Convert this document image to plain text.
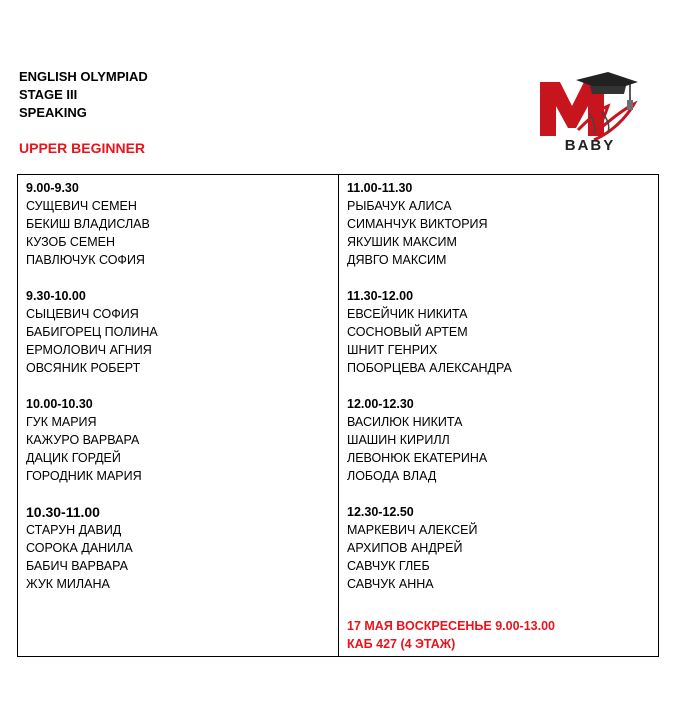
ENGLISH OLYMPIAD
STAGE III
SPEAKING
UPPER BEGINNER	BABY
9.00-9.30
СУЩЕВИЧ СЕМЕН
БЕКИШ ВЛАДИСЛАВ
КУЗОБ СЕМЕН
ПАВЛЮЧУК СОФИЯ
9.30-10.00
СЫЦЕВИЧ СОФИЯ
БАБИГОРЕЦ ПОЛИНА
ЕРМОЛОВИЧ АГНИЯ
ОВСЯНИК РОБЕРТ
10.00-10.30
ГУК МАРИЯ
КАЖУРО ВАРВАРА
ДАЦИК ГОРДЕЙ
ГОРОДНИК МАРИЯ
10.30-11.00
СТАРУН ДАВИД
СОРОКА ДАНИЛА
БАБИЧ ВАРВАРА
ЖУК МИЛАНА
11.00-11.30
РЫБАЧУК АЛИСА
СИМАНЧУК ВИКТОРИЯ
ЯКУШИК МАКСИМ
ДЯВГО МАКСИМ
11.30-12.00
ЕВСЕЙЧИК НИКИТА
СОСНОВЫЙ АРТЕМ
ШНИТ ГЕНРИХ
ПОБОРЦЕВА АЛЕКСАНДРА
12.00-12.30
ВАСИЛЮК НИКИТА
ШАШИН КИРИЛЛ
ЛЕВОНЮК ЕКАТЕРИНА
ЛОБОДА ВЛАД
12.30-12.50
МАРКЕВИЧ АЛЕКСЕЙ
АРХИПОВ АНДРЕЙ
САВЧУК ГЛЕБ
САВЧУК АННА
17 МАЯ ВОСКРЕСЕНЬЕ 9.00-13.00
КАБ 427 (4 ЭТАЖ)
